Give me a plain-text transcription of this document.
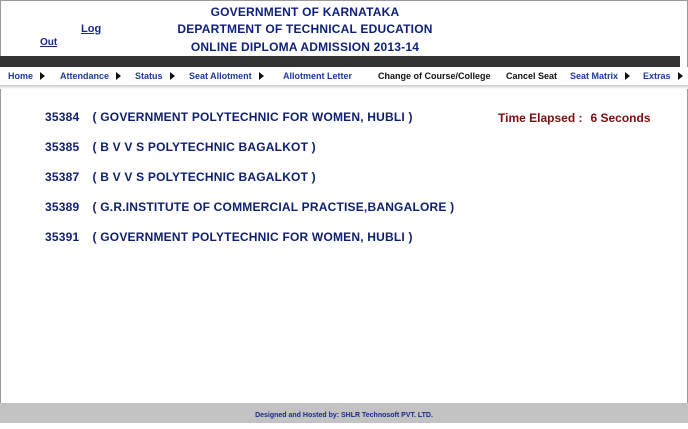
Log
Out
GOVERNMENT OF KARNATAKA
DEPARTMENT OF TECHNICAL EDUCATION
ONLINE DIPLOMA ADMISSION 2013-14
Home	Attendance	Status	Seat Allotment	Allotment Letter	Change of Course/College Cancel Seat Seat Matrix	Extras
35384 ( GOVERNMENT POLYTECHNIC FOR WOMEN, HUBLI )
35385 ( B V V S POLYTECHNIC BAGALKOT )
35387 ( B V V S POLYTECHNIC BAGALKOT )
35389 ( G.R.INSTITUTE OF COMMERCIAL PRACTISE,BANGALORE )
35391 ( GOVERNMENT POLYTECHNIC FOR WOMEN, HUBLI )
Time Elapsed : 6 Seconds
Designed and Hosted by: SHLR Technosoft PVT. LTD.
